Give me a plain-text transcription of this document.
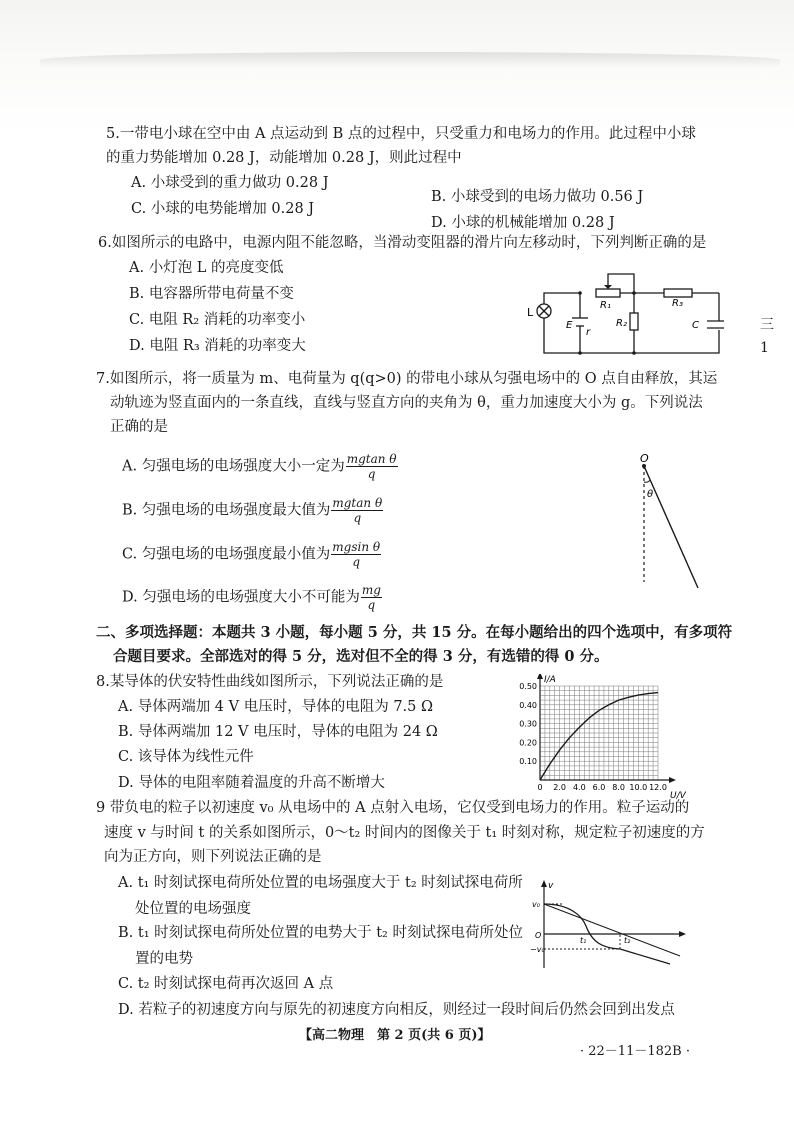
5.一带电小球在空中由 A 点运动到 B 点的过程中，只受重力和电场力的作用。此过程中小球
的重力势能增加 0.28 J，动能增加 0.28 J，则此过程中
A. 小球受到的重力做功 0.28 J
B. 小球受到的电场力做功 0.56 J
C. 小球的电势能增加 0.28 J
D. 小球的机械能增加 0.28 J
6.如图所示的电路中，电源内阻不能忽略，当滑动变阻器的滑片向左移动时，下列判断正确的是
A. 小灯泡 L 的亮度变低
B. 电容器所带电荷量不变
C. 电阻 R₂ 消耗的功率变小
D. 电阻 R₃ 消耗的功率变大
L
E
r
R₁
R₂
R₃
C	三
1
7.如图所示，将一质量为 m、电荷量为 q(q>0) 的带电小球从匀强电场中的 O 点自由释放，其运
动轨迹为竖直面内的一条直线，直线与竖直方向的夹角为 θ，重力加速度大小为 g。下列说法
正确的是
A. 匀强电场的电场强度大小一定为 $\frac{\text{mgtan θ}}{q}$
B. 匀强电场的电场强度最大值为 $\frac{\text{mgtan θ}}{q}$
C. 匀强电场的电场强度最小值为 $\frac{\text{mgsin θ}}{q}$
D. 匀强电场的电场强度大小不可能为 $\frac{mg}{q}$
O
θ
二、多项选择题：本题共 3 小题，每小题 5 分，共 15 分。在每小题给出的四个选项中，有多项符
合题目要求。全部选对的得 5 分，选对但不全的得 3 分，有选错的得 0 分。
8.某导体的伏安特性曲线如图所示，下列说法正确的是
A. 导体两端加 4 V 电压时，导体的电阻为 7.5 Ω
B. 导体两端加 12 V 电压时，导体的电阻为 24 Ω
C. 该导体为线性元件
D. 导体的电阻率随着温度的升高不断增大	0 2.0 4.0 6.0 8.0 10.0 12.0
0.10
0.20
0.30
0.40
0.50
I/A
U/V
9 带负电的粒子以初速度 v₀ 从电场中的 A 点射入电场，它仅受到电场力的作用。粒子运动的
速度 v 与时间 t 的关系如图所示，0～t₂ 时间内的图像关于 t₁ 时刻对称，规定粒子初速度的方
向为正方向，则下列说法正确的是
A. t₁ 时刻试探电荷所处位置的电场强度大于 t₂ 时刻试探电荷所
处位置的电场强度
B. t₁ 时刻试探电荷所处位置的电势大于 t₂ 时刻试探电荷所处位
置的电势
C. t₂ 时刻试探电荷再次返回 A 点
D. 若粒子的初速度方向与原先的初速度方向相反，则经过一段时间后仍然会回到出发点
v
v₀
−v₀
O
t₁	t₂
【高二物理　第 2 页(共 6 页)】
· 22－11－182B ·
